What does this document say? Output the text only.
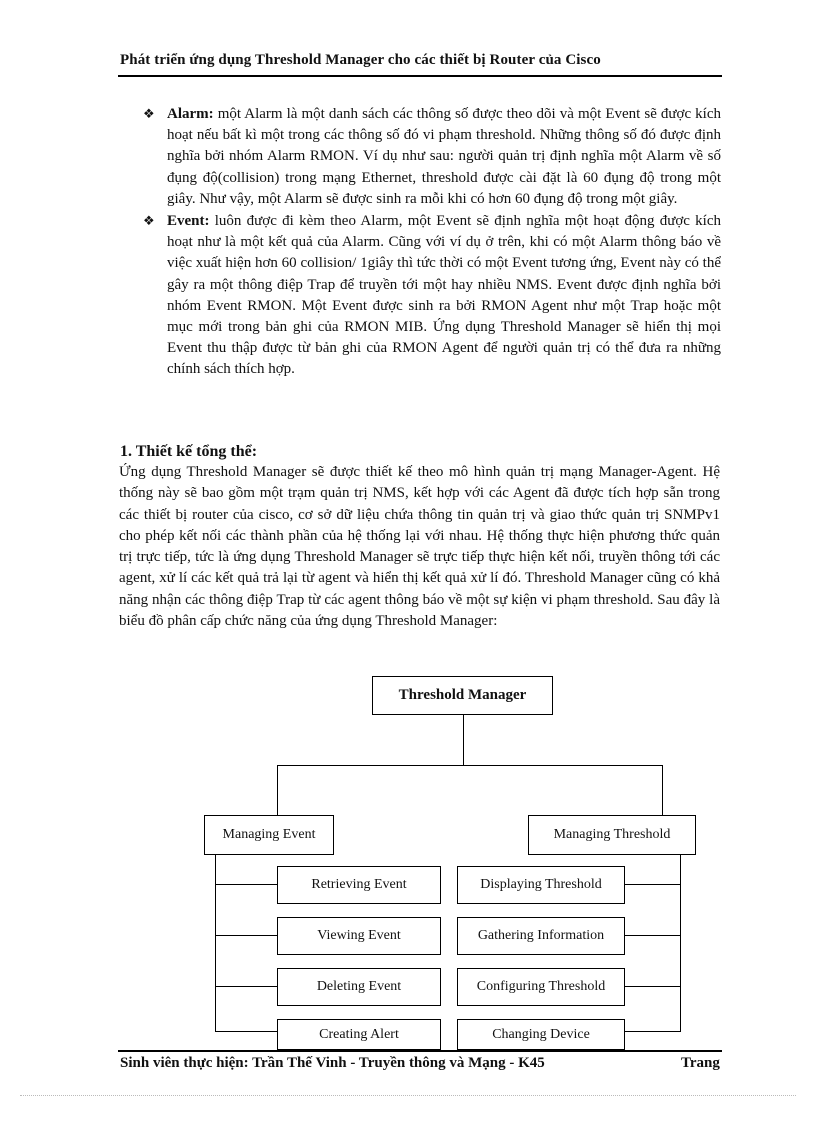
Phát triển ứng dụng Threshold Manager cho các thiết bị Router của Cisco
❖ Alarm: một Alarm là một danh sách các thông số được theo dõi và một Event sẽ được kích hoạt nếu bất kì một trong các thông số đó vi phạm threshold. Những thông số đó được định nghĩa bởi nhóm Alarm RMON. Ví dụ như sau: người quản trị định nghĩa một Alarm về số đụng độ(collision) trong mạng Ethernet, threshold được cài đặt là 60 đụng độ trong một giây. Như vậy, một Alarm sẽ được sinh ra mỗi khi có hơn 60 đụng độ trong một giây.
❖ Event: luôn được đi kèm theo Alarm, một Event sẽ định nghĩa một hoạt động được kích hoạt như là một kết quả của Alarm. Cũng với ví dụ ở trên, khi có một Alarm thông báo về việc xuất hiện hơn 60 collision/ 1giây thì tức thời có một Event tương ứng, Event này có thể gây ra một thông điệp Trap để truyền tới một hay nhiều NMS. Event được định nghĩa bởi nhóm Event RMON. Một Event được sinh ra bởi RMON Agent như một Trap hoặc một mục mới trong bản ghi của RMON MIB. Ứng dụng Threshold Manager sẽ hiển thị mọi Event thu thập được từ bản ghi của RMON Agent để người quản trị có thể đưa ra những chính sách thích hợp.
1. Thiết kế tổng thể:
Ứng dụng Threshold Manager sẽ được thiết kế theo mô hình quản trị mạng Manager-Agent. Hệ thống này sẽ bao gồm một trạm quản trị NMS, kết hợp với các Agent đã được tích hợp sẵn trong các thiết bị router của cisco, cơ sở dữ liệu chứa thông tin quản trị và giao thức quản trị SNMPv1 cho phép kết nối các thành phần của hệ thống lại với nhau. Hệ thống thực hiện phương thức quản trị trực tiếp, tức là ứng dụng Threshold Manager sẽ trực tiếp thực hiện kết nối, truyền thông tới các agent, xử lí các kết quả trả lại từ agent và hiển thị kết quả xử lí đó. Threshold Manager cũng có khả năng nhận các thông điệp Trap từ các agent thông báo về một sự kiện vi phạm threshold. Sau đây là biểu đồ phân cấp chức năng của ứng dụng Threshold Manager:
Threshold Manager
Managing Event	Managing Threshold
Retrieving Event
Viewing Event
Deleting Event
Creating Alert
Displaying Threshold
Gathering Information
Configuring Threshold
Changing Device
Sinh viên thực hiện: Trần Thế Vinh - Truyền thông và Mạng - K45	Trang
